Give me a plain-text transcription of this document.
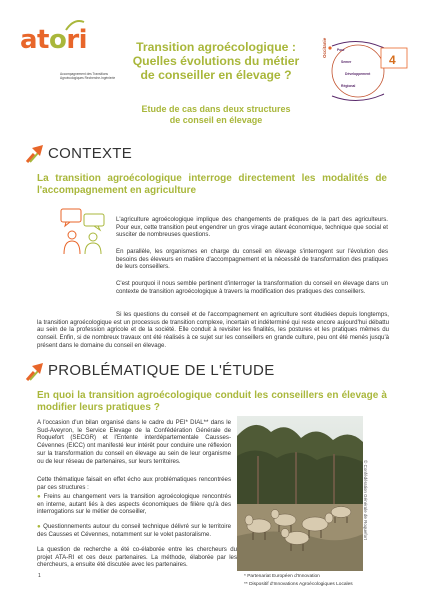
atori
Accompagnement des Transitions Agroécologiques Recherche-Ingénierie
Transition agroécologique :
Quelles évolutions du métier
de conseiller en élevage ?
Etude de cas dans deux structures
de conseil en élevage
Occitanie	Pour
Semer
Développement
Régional
4
CONTEXTE
La transition agroécologique interroge directement les modalités de l'accompagnement en agriculture
L'agriculture agroécologique implique des changements de pratiques de la part des agriculteurs. Pour eux, cette transition peut engendrer un gros virage autant économique, technique que social et susciter de nombreuses questions.
En parallèle, les organismes en charge du conseil en élevage s'interrogent sur l'évolution des besoins des éleveurs en matière d'accompagnement et la nécessité de transformation des pratiques de leurs conseillers.
C'est pourquoi il nous semble pertinent d'interroger la transformation du conseil en élevage dans un contexte de transition agroécologique à travers la modification des pratiques des conseillers.
Si les questions du conseil et de l'accompagnement en agriculture sont étudiées depuis longtemps, la transition agroécologique est un processus de transition complexe, incertain et indéterminé qui reste encore aujourd'hui débattu au sein de la profession agricole et de la société. Elle conduit à revisiter les finalités, les postures et les pratiques mêmes du conseil. Enfin, si de nombreux travaux ont été réalisés à ce sujet sur les conseillers en grande culture, peu ont été menés jusqu'à présent dans le domaine du conseil en élevage.
PROBLÉMATIQUE DE L'ÉTUDE
En quoi la transition agroécologique conduit les conseillers en élevage à modifier leurs pratiques ?
A l'occasion d'un bilan organisé dans le cadre du PEI* DIAL** dans le Sud-Aveyron, le Service Elevage de la Confédération Générale de Roquefort (SECGR) et l'Entente interdépartementale Causses-Cévennes (EICC) ont manifesté leur intérêt pour conduire une réflexion sur la transformation du conseil en élevage au sein de leur organisme ou de leur réseau de partenaires, sur leurs territoires.
Cette thématique faisait en effet écho aux problématiques rencontrées par ces structures :
● Freins au changement vers la transition agroécologique rencontrés en interne, autant liés à des aspects économiques de filière qu'à des interrogations sur le métier de conseiller,
● Questionnements autour du conseil technique délivré sur le territoire des Causses et Cévennes, notamment sur le volet pastoralisme.
La question de recherche a été co-élaborée entre les chercheurs du projet ATA-RI et ces deux partenaires. La méthode, élaborée par les chercheurs, a ensuite été discutée avec les partenaires.
© Confédération Générale de Roquefort
1	* Partenariat Européen d'Innovation
** Dispositif d'Innovations Agroécologiques Locales
